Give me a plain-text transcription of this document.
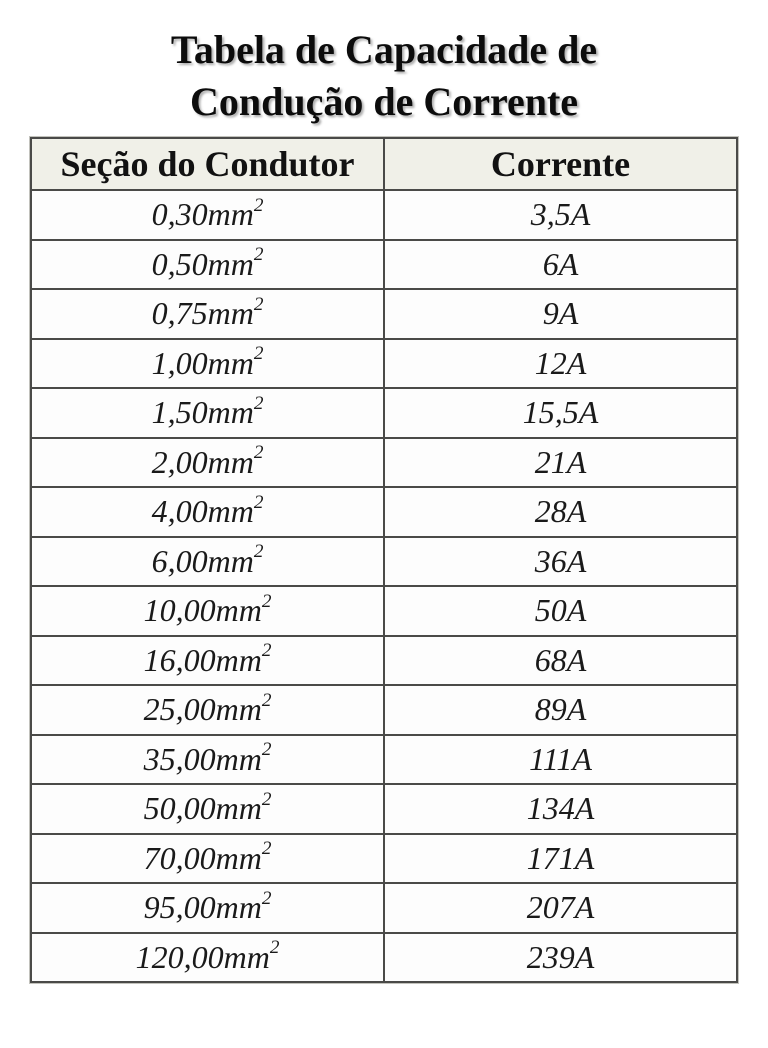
Tabela de Capacidade de
Condução de Corrente
Seção do Condutor	Corrente
$0,30mm^2$	3,5A
$0,50mm^2$	6A
$0,75mm^2$	9A
$1,00mm^2$	12A
$1,50mm^2$	15,5A
$2,00mm^2$	21A
$4,00mm^2$	28A
$6,00mm^2$	36A
$10,00mm^2$	50A
$16,00mm^2$	68A
$25,00mm^2$	89A
$35,00mm^2$	111A
$50,00mm^2$	134A
$70,00mm^2$	171A
$95,00mm^2$	207A
$120,00mm^2$	239A
